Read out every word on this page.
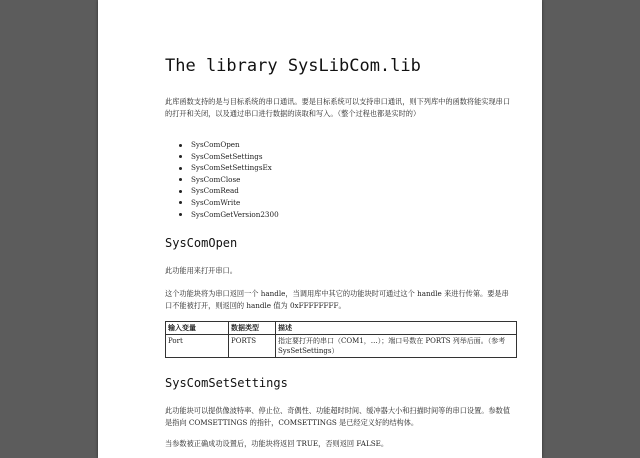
The library SysLibCom.lib

此库函数支持的是与目标系统的串口通讯。要是目标系统可以支持串口通讯，则下列库中的函数将能实现串口的打开和关闭，以及通过串口进行数据的读取和写入。（整个过程也都是实时的）

SysComOpen
SysComSetSettings
SysComSetSettingsEx
SysComClose
SysComRead
SysComWrite
SysComGetVersion2300
SysComOpen

此功能用来打开串口。

这个功能块将为串口返回一个 handle，当调用库中其它的功能块时可通过这个 handle 来进行传第。要是串口不能被打开，则返回的 handle 值为 0xFFFFFFFF。

输入变量	数据类型	描述
Port	PORTS	指定要打开的串口（COM1，…）；端口号数在 PORTS 列举后面。（参考 SysSetSettings）
SysComSetSettings

此功能块可以提供像波特率、停止位、奇偶性、功能超时时间、缓冲器大小和扫描时间等的串口设置。参数值是指向 COMSETTINGS 的指针，COMSETTINGS 是已经定义好的结构体。

当参数被正确成功设置后，功能块将返回 TRUE，否则返回 FALSE。
